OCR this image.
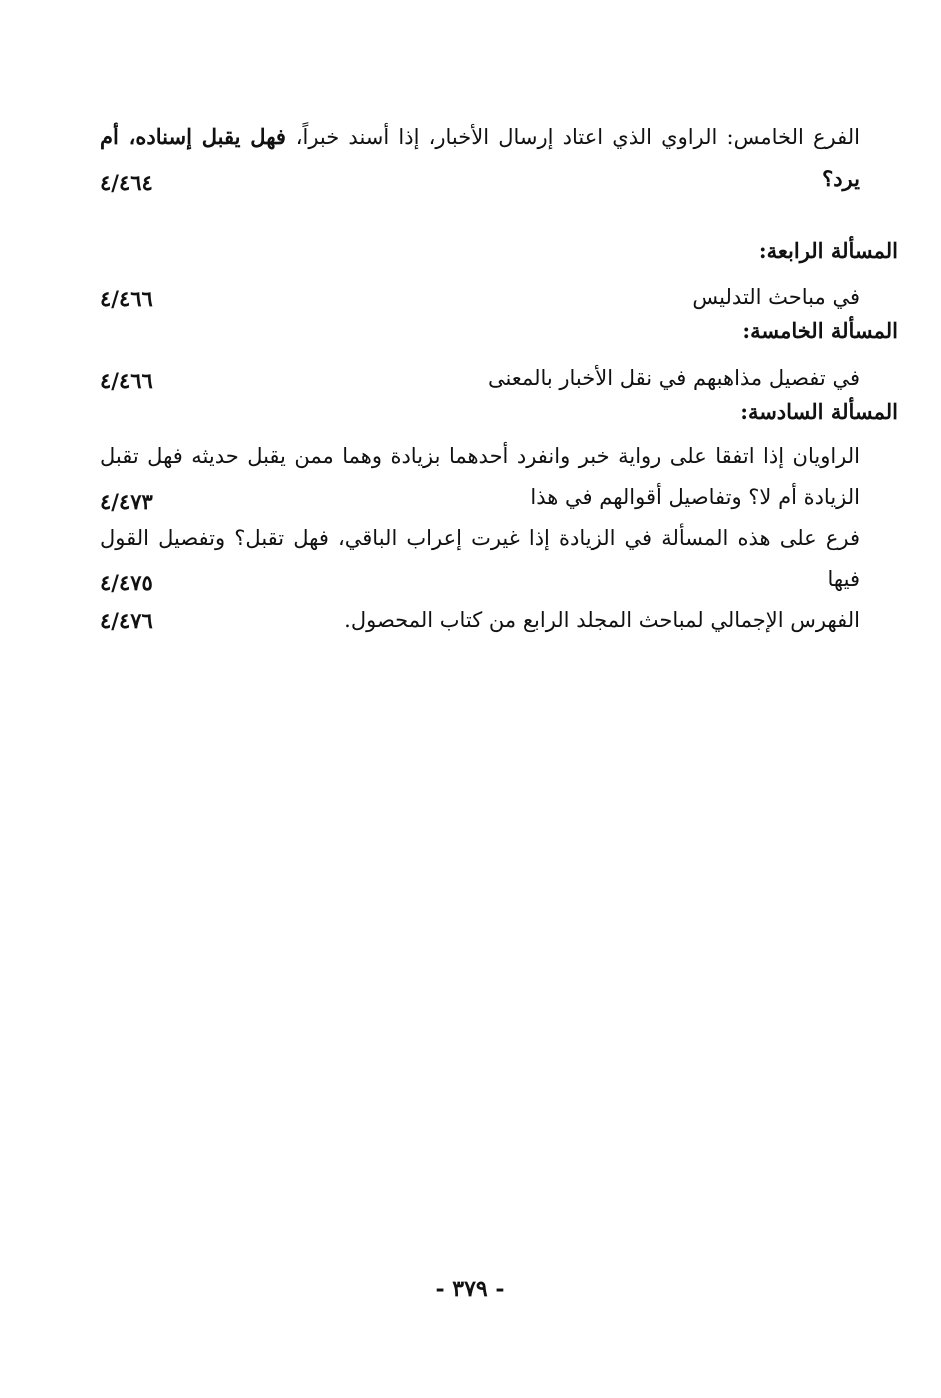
الفرع الخامس: الراوي الذي اعتاد إرسال الأخبار، إذا أسند خبراً، فهل يقبل إسناده، أم يرد؟
٤/٤٦٤
المسألة الرابعة:
في مباحث التدليس
٤/٤٦٦
المسألة الخامسة:
في تفصيل مذاهبهم في نقل الأخبار بالمعنى
٤/٤٦٦
المسألة السادسة:
الراويان إذا اتفقا على رواية خبر وانفرد أحدهما بزيادة وهما ممن يقبل حديثه فهل تقبل الزيادة أم لا؟ وتفاصيل أقوالهم في هذا
٤/٤٧٣
فرع على هذه المسألة في الزيادة إذا غيرت إعراب الباقي، فهل تقبل؟ وتفصيل القول فيها
٤/٤٧٥
الفهرس الإجمالي لمباحث المجلد الرابع من كتاب المحصول.
٤/٤٧٦
- ٣٧٩ -
